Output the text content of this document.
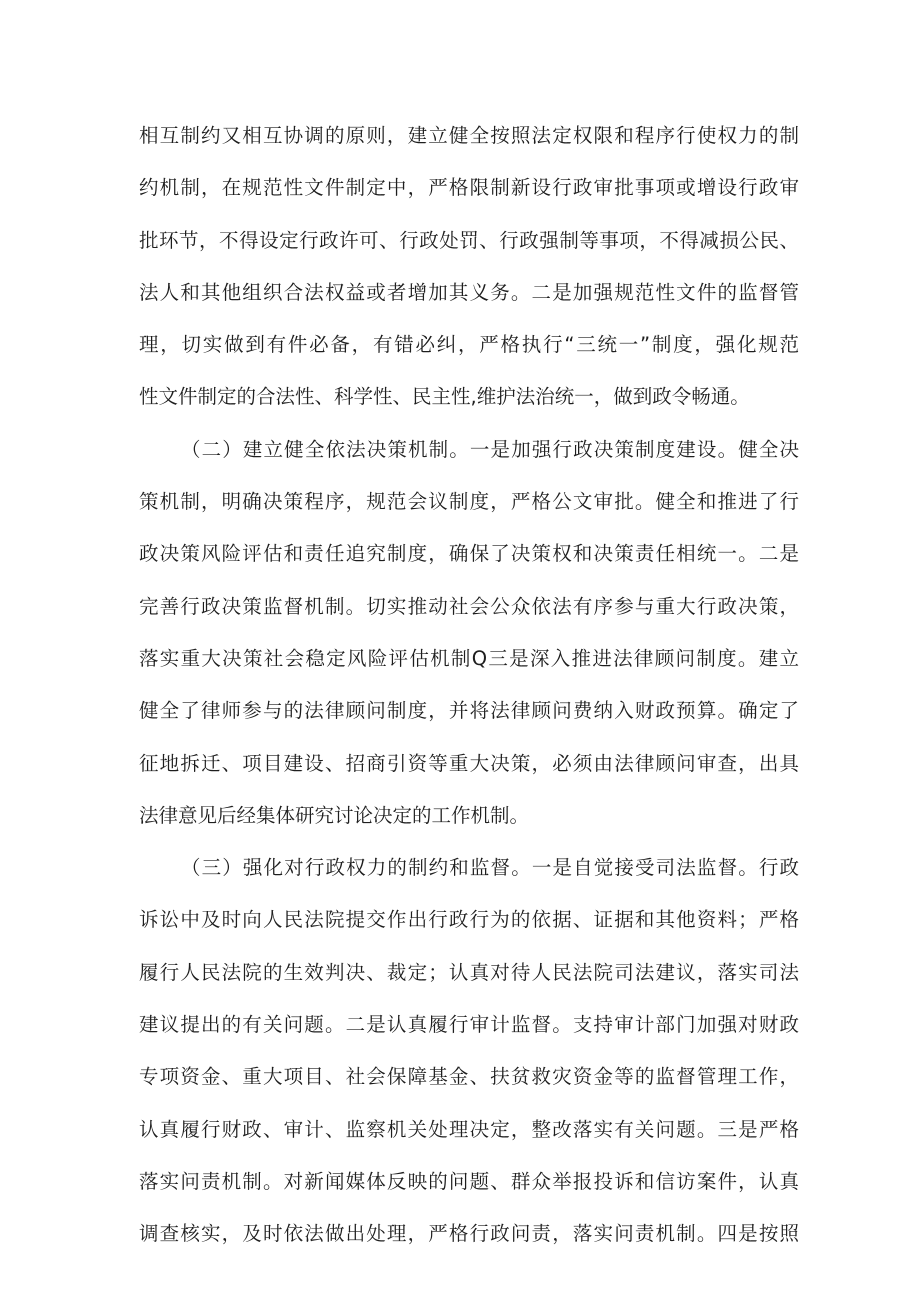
相互制约又相互协调的原则，建立健全按照法定权限和程序行使权力的制
约机制，在规范性文件制定中，严格限制新设行政审批事项或增设行政审
批环节，不得设定行政许可、行政处罚、行政强制等事项，不得减损公民、
法人和其他组织合法权益或者增加其义务。二是加强规范性文件的监督管
理，切实做到有件必备，有错必纠，严格执行“三统一”制度，强化规范
性文件制定的合法性、科学性、民主性,维护法治统一，做到政令畅通。
（二）建立健全依法决策机制。一是加强行政决策制度建设。健全决
策机制，明确决策程序，规范会议制度，严格公文审批。健全和推进了行
政决策风险评估和责任追究制度，确保了决策权和决策责任相统一。二是
完善行政决策监督机制。切实推动社会公众依法有序参与重大行政决策，
落实重大决策社会稳定风险评估机制Q三是深入推进法律顾问制度。建立
健全了律师参与的法律顾问制度，并将法律顾问费纳入财政预算。确定了
征地拆迁、项目建设、招商引资等重大决策，必须由法律顾问审查，出具
法律意见后经集体研究讨论决定的工作机制。
（三）强化对行政权力的制约和监督。一是自觉接受司法监督。行政
诉讼中及时向人民法院提交作出行政行为的依据、证据和其他资料；严格
履行人民法院的生效判决、裁定；认真对待人民法院司法建议，落实司法
建议提出的有关问题。二是认真履行审计监督。支持审计部门加强对财政
专项资金、重大项目、社会保障基金、扶贫救灾资金等的监督管理工作，
认真履行财政、审计、监察机关处理决定，整改落实有关问题。三是严格
落实问责机制。对新闻媒体反映的问题、群众举报投诉和信访案件，认真
调查核实，及时依法做出处理，严格行政问责，落实问责机制。四是按照
